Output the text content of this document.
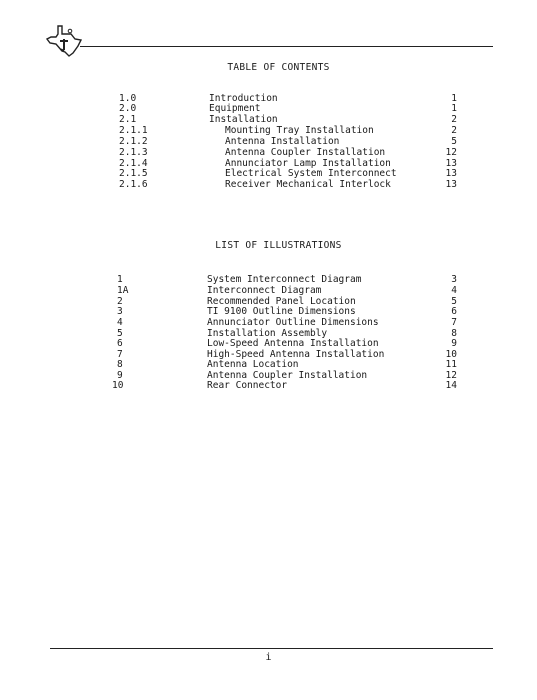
TABLE OF CONTENTS
1.0	Introduction	1
2.0	Equipment	1
2.1	Installation	2
2.1.1	Mounting Tray Installation	2
2.1.2	Antenna Installation	5
2.1.3	Antenna Coupler Installation	12
2.1.4	Annunciator Lamp Installation	13
2.1.5	Electrical System Interconnect	13
2.1.6	Receiver Mechanical Interlock	13
LIST OF ILLUSTRATIONS
1	System Interconnect Diagram	3
1A	Interconnect Diagram	4
2	Recommended Panel Location	5
3	TI 9100 Outline Dimensions	6
4	Annunciator Outline Dimensions	7
5	Installation Assembly	8
6	Low-Speed Antenna Installation	9
7	High-Speed Antenna Installation	10
8	Antenna Location	11
9	Antenna Coupler Installation	12
10	Rear Connector	14
i
